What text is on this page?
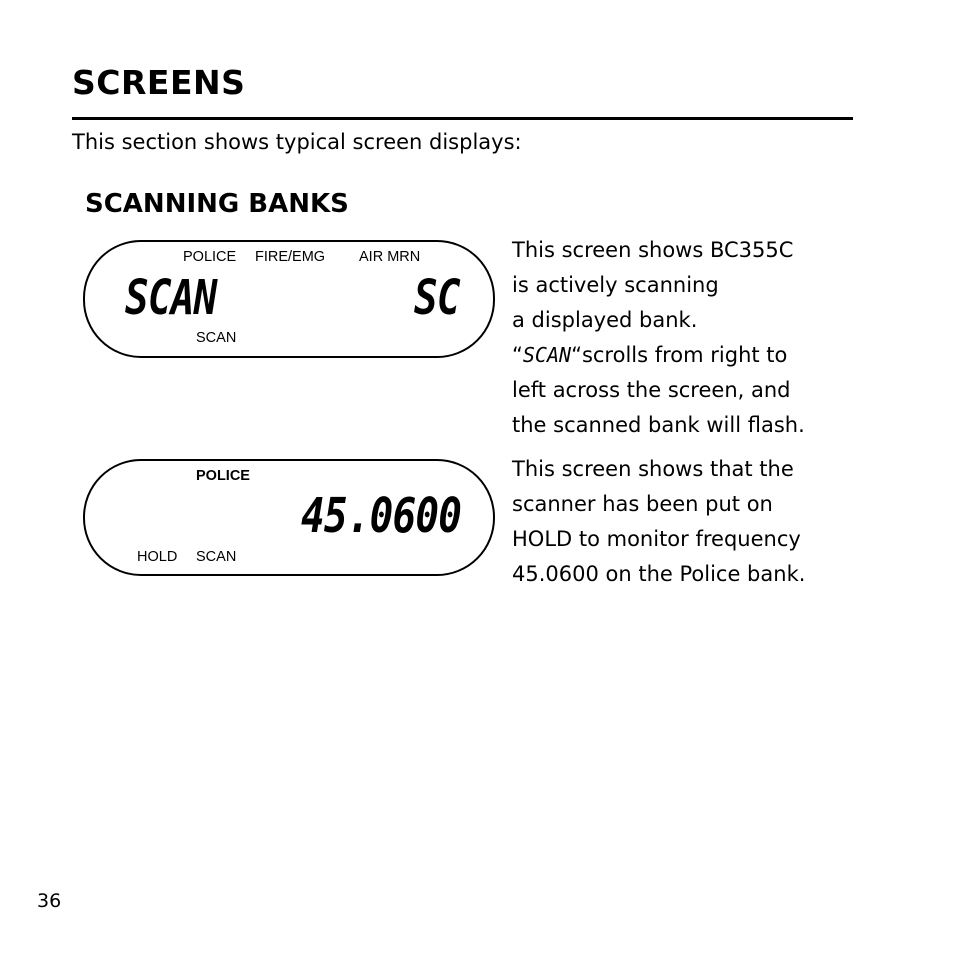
SCREENS
This section shows typical screen displays:
SCANNING BANKS
POLICE FIRE/EMG AIR MRN
SCAN	SC
SCAN
POLICE
45.0600
HOLD SCAN
This screen shows BC355C
is actively scanning
a displayed bank.
“SCAN“scrolls from right to
left across the screen, and
the scanned bank will flash.
This screen shows that the
scanner has been put on
HOLD to monitor frequency
45.0600 on the Police bank.
36
